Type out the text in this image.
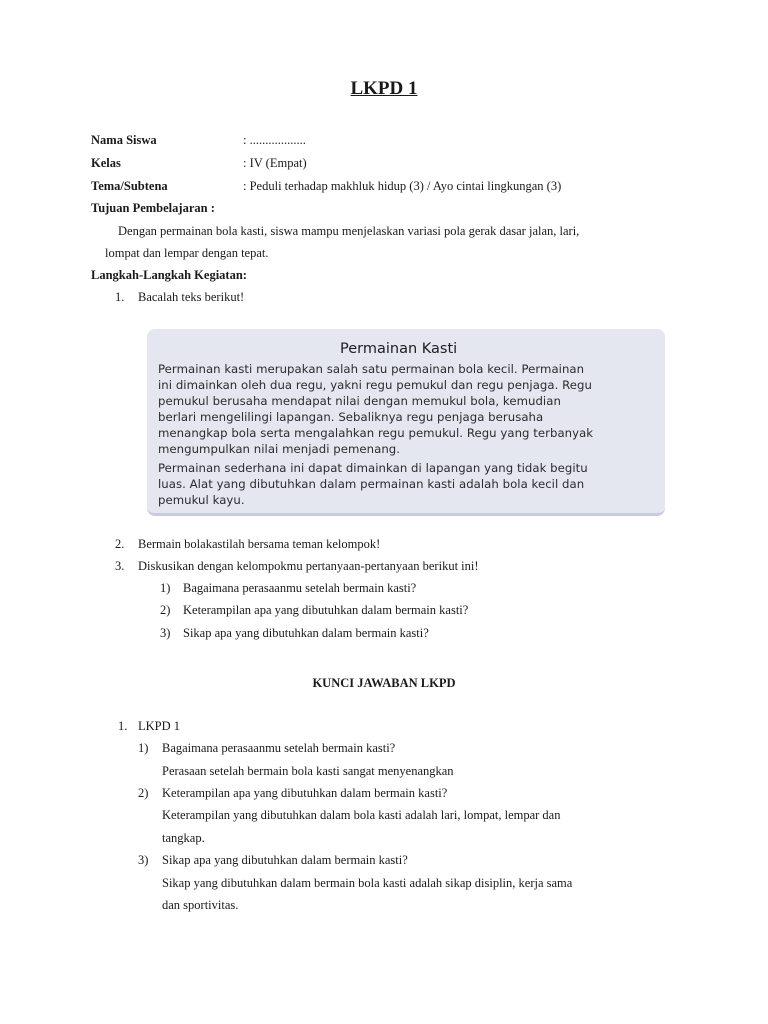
LKPD 1
Nama Siswa	: ..................
Kelas	: IV (Empat)
Tema/Subtena	: Peduli terhadap makhluk hidup (3) / Ayo cintai lingkungan (3)
Tujuan Pembelajaran :
Dengan permainan bola kasti, siswa mampu menjelaskan variasi pola gerak dasar jalan, lari,
lompat dan lempar dengan tepat.
Langkah-Langkah Kegiatan:
1. Bacalah teks berikut!
Permainan Kasti
Permainan kasti merupakan salah satu permainan bola kecil. Permainan
ini dimainkan oleh dua regu, yakni regu pemukul dan regu penjaga. Regu
pemukul berusaha mendapat nilai dengan memukul bola, kemudian
berlari mengelilingi lapangan. Sebaliknya regu penjaga berusaha
menangkap bola serta mengalahkan regu pemukul. Regu yang terbanyak
mengumpulkan nilai menjadi pemenang.
Permainan sederhana ini dapat dimainkan di lapangan yang tidak begitu
luas. Alat yang dibutuhkan dalam permainan kasti adalah bola kecil dan
pemukul kayu.
2. Bermain bolakastilah bersama teman kelompok!
3. Diskusikan dengan kelompokmu pertanyaan-pertanyaan berikut ini!
1) Bagaimana perasaanmu setelah bermain kasti?
2) Keterampilan apa yang dibutuhkan dalam bermain kasti?
3) Sikap apa yang dibutuhkan dalam bermain kasti?
KUNCI JAWABAN LKPD
1. LKPD 1
1) Bagaimana perasaanmu setelah bermain kasti?
Perasaan setelah bermain bola kasti sangat menyenangkan
2) Keterampilan apa yang dibutuhkan dalam bermain kasti?
Keterampilan yang dibutuhkan dalam bola kasti adalah lari, lompat, lempar dan
tangkap.
3) Sikap apa yang dibutuhkan dalam bermain kasti?
Sikap yang dibutuhkan dalam bermain bola kasti adalah sikap disiplin, kerja sama
dan sportivitas.
